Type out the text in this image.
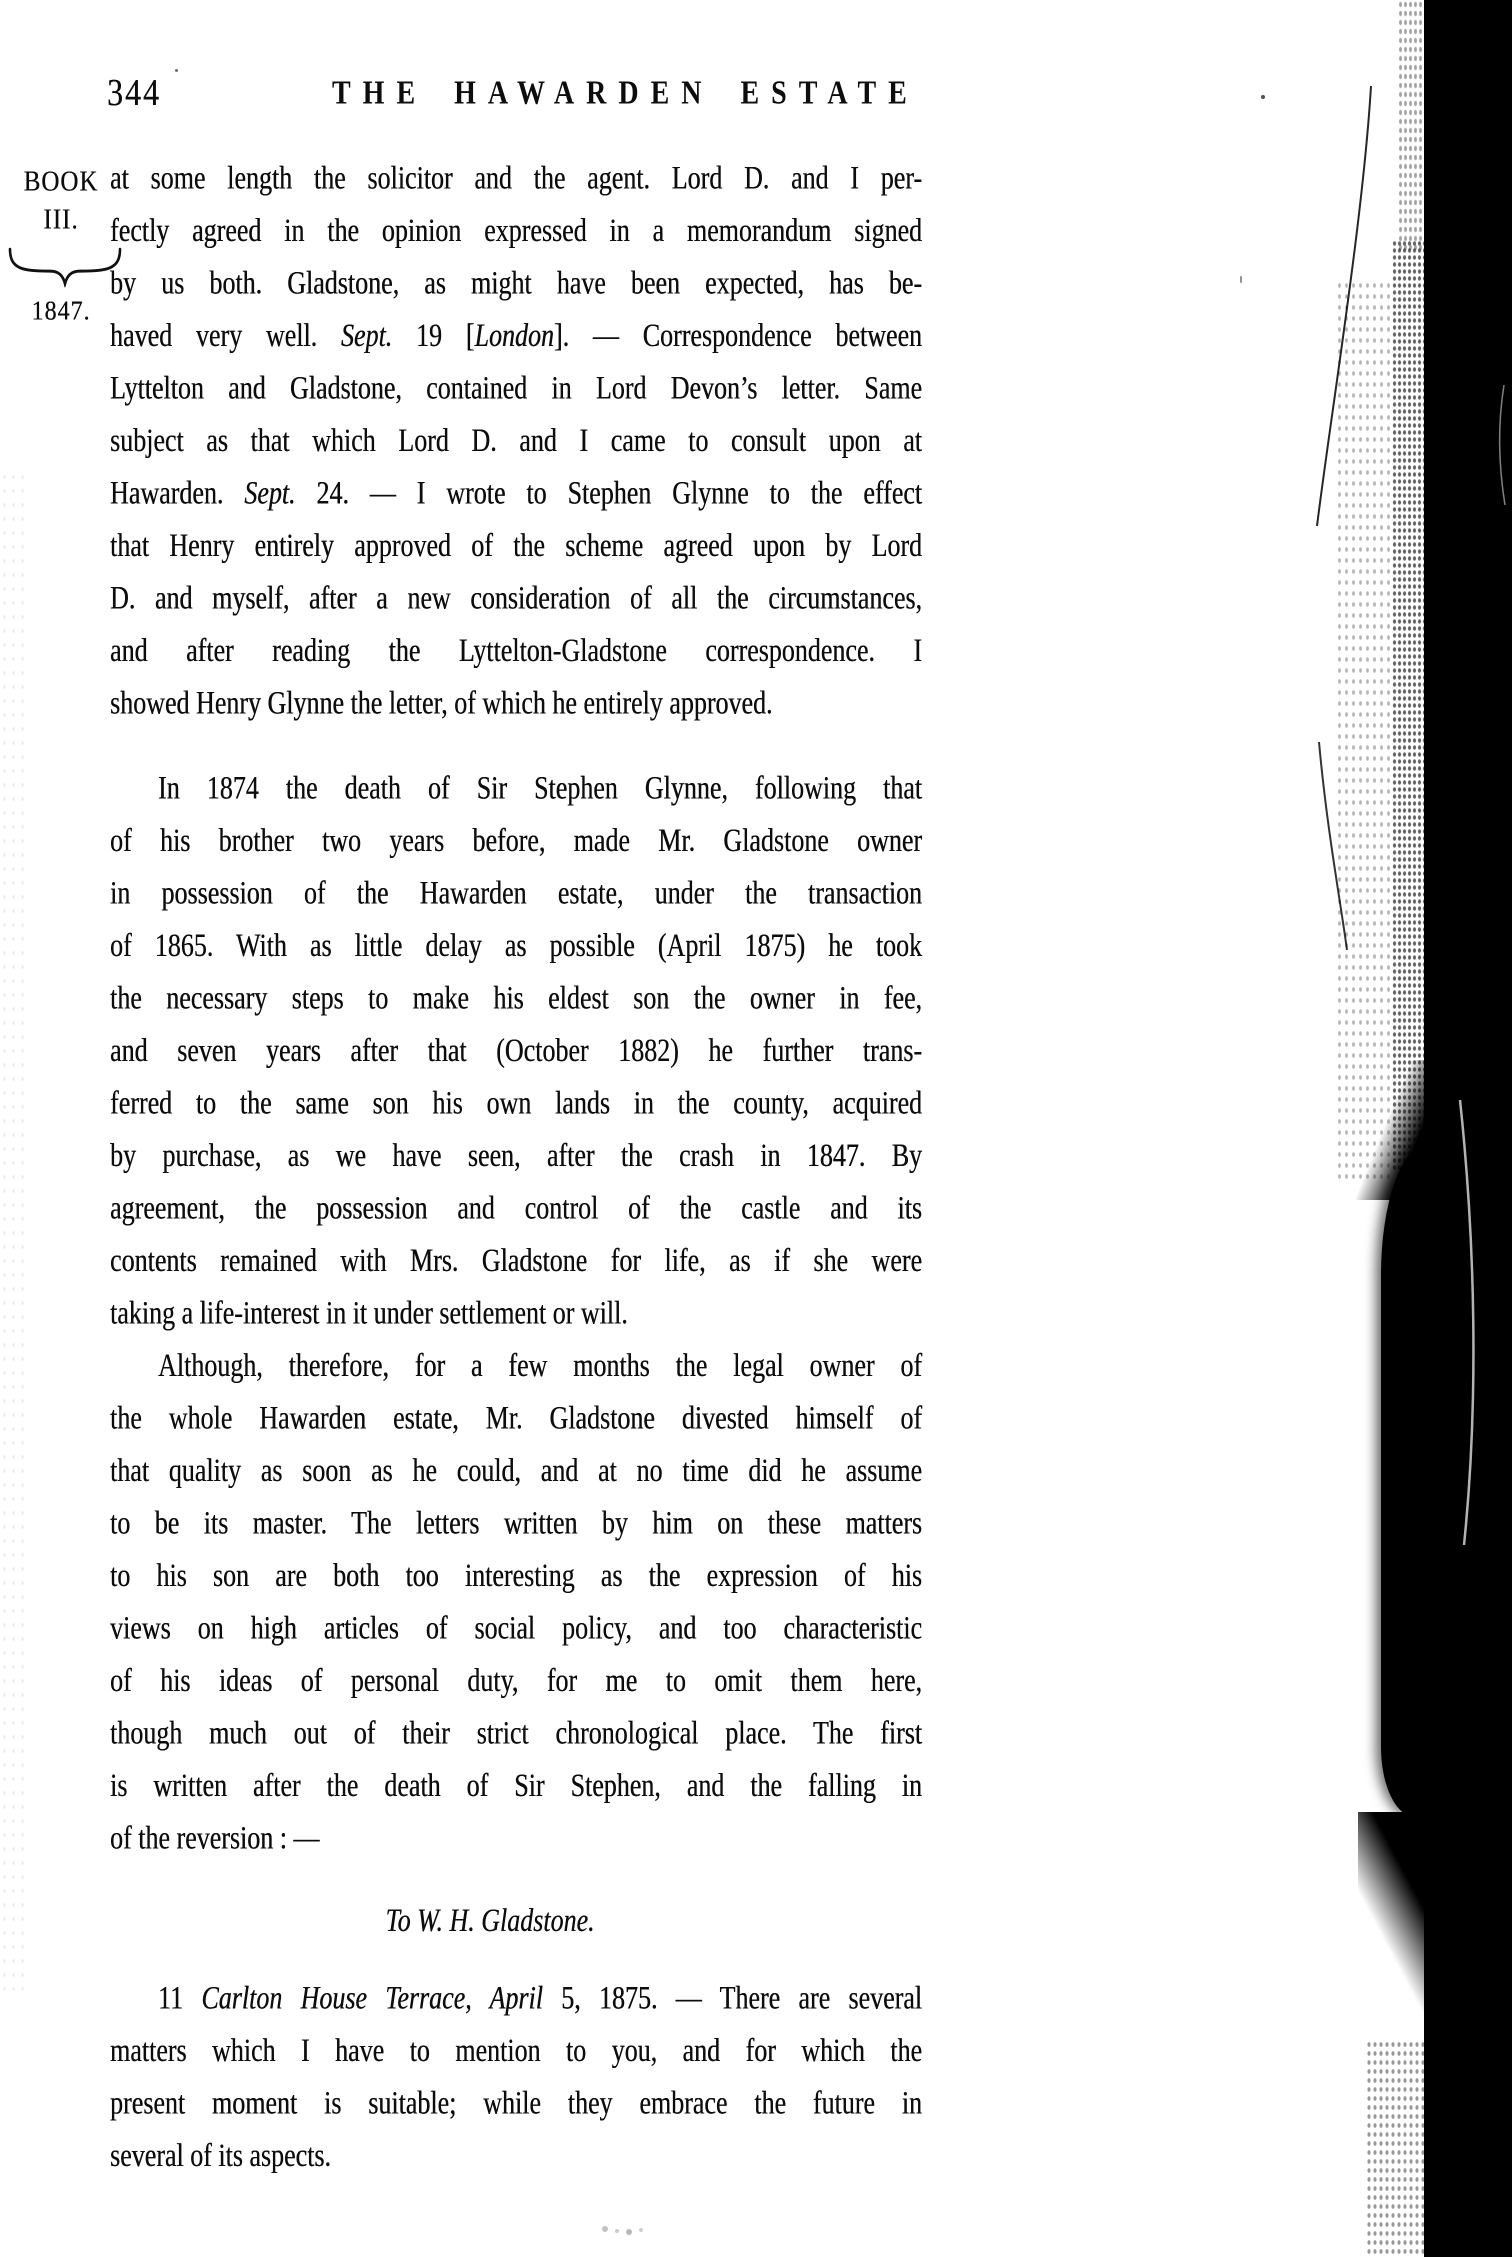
344	THE HAWARDEN ESTATE
BOOK
III.
1847.
at some length the solicitor and the agent. Lord D. and I per-
fectly agreed in the opinion expressed in a memorandum signed
by us both. Gladstone, as might have been expected, has be-
haved very well. Sept. 19 [London]. — Correspondence between
Lyttelton and Gladstone, contained in Lord Devon’s letter. Same
subject as that which Lord D. and I came to consult upon at
Hawarden. Sept. 24. — I wrote to Stephen Glynne to the effect
that Henry entirely approved of the scheme agreed upon by Lord
D. and myself, after a new consideration of all the circumstances,
and after reading the Lyttelton-Gladstone correspondence. I
showed Henry Glynne the letter, of which he entirely approved.
In 1874 the death of Sir Stephen Glynne, following that
of his brother two years before, made Mr. Gladstone owner
in possession of the Hawarden estate, under the transaction
of 1865. With as little delay as possible (April 1875) he took
the necessary steps to make his eldest son the owner in fee,
and seven years after that (October 1882) he further trans-
ferred to the same son his own lands in the county, acquired
by purchase, as we have seen, after the crash in 1847. By
agreement, the possession and control of the castle and its
contents remained with Mrs. Gladstone for life, as if she were
taking a life-interest in it under settlement or will.
Although, therefore, for a few months the legal owner of
the whole Hawarden estate, Mr. Gladstone divested himself of
that quality as soon as he could, and at no time did he assume
to be its master. The letters written by him on these matters
to his son are both too interesting as the expression of his
views on high articles of social policy, and too characteristic
of his ideas of personal duty, for me to omit them here,
though much out of their strict chronological place. The first
is written after the death of Sir Stephen, and the falling in
of the reversion : —
To W. H. Gladstone.
11 Carlton House Terrace, April 5, 1875. — There are several
matters which I have to mention to you, and for which the
present moment is suitable; while they embrace the future in
several of its aspects.
